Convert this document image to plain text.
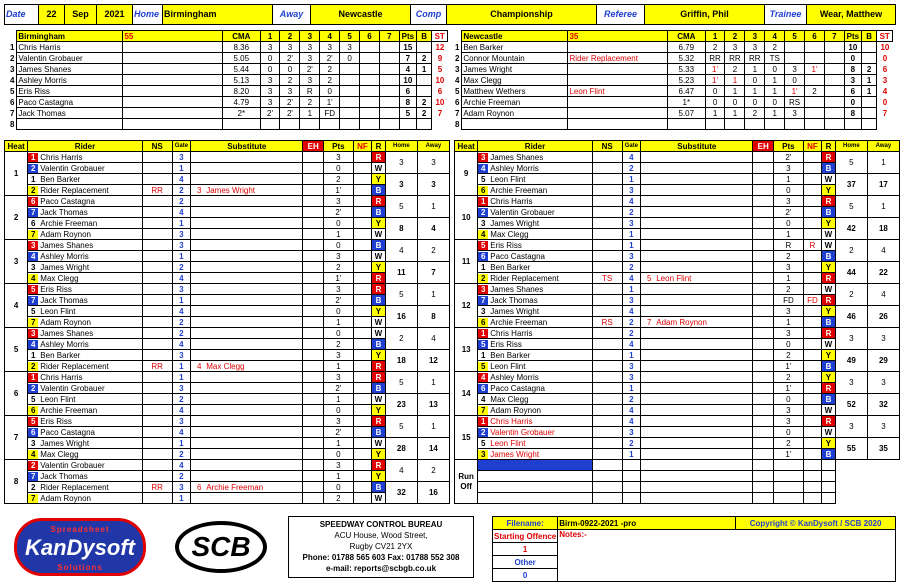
Date	22	Sep	2021	Home	Birmingham	Away	Newcastle	Comp	Championship	Referee	Griffin, Phil	Trainee	Wear, Matthew
	Birmingham	55	CMA	1	2	3	4	5	6	7	Pts	B	ST
1	Chris Harris		8.36	3	3	3	3	3			15		12
2	Valentin Grobauer		5.05	0	2'	3	2'	0			7	2	9
3	James Shanes		5.44	0	0	2'	2				4	1	5
4	Ashley Morris		5.13	3	2	3	2				10		10
5	Eris Riss		8.20	3	3	R	0				6		6
6	Paco Castagna		4.79	3	2'	2	1'				8	2	10
7	Jack Thomas		2*	2'	2'	1	FD				5	2	7
8													
	Newcastle	35	CMA	1	2	3	4	5	6	7	Pts	B	ST
1	Ben Barker		6.79	2	3	3	2				10		10
2	Connor Mountain	Rider Replacement	5.32	RR	RR	RR	TS				0		0
3	James Wright		5.33	1'	2	1	0	3	1'		8	2	6
4	Max Clegg		5.23	1'	1	0	1	0			3	1	3
5	Matthew Wethers	Leon Flint	6.47	0	1	1	1	1'	2		6	1	4
6	Archie Freeman		1*	0	0	0	0	RS			0		0
7	Adam Roynon		5.07	1	1	2	1	3			8		7
8													
Heat	Rider	NS	Gate	Substitute	EH	Pts	NF	R	Home	Away
1	1 Chris Harris		3			3		R	3	3
	2 Valentin Grobauer		1			0		W		
	1 Ben Barker		4			2		Y	3	3
	2 Rider Replacement	RR	2	3 James Wright		1'		B		
2	6 Paco Castagna		2			3		R	5	1
	7 Jack Thomas		4			2'		B		
	6 Archie Freeman		1			0		Y	8	4
	7 Adam Roynon		3			1		W		
3	3 James Shanes		3			0		B	4	2
	4 Ashley Morris		1			3		W		
	3 James Wright		2			2		Y	11	7
	4 Max Clegg		4			1'		R		
4	5 Eris Riss		3			3		R	5	1
	7 Jack Thomas		1			2'		B		
	5 Leon Flint		4			0		Y	16	8
	7 Adam Roynon		2			1		W		
5	3 James Shanes		2			0		W	2	4
	4 Ashley Morris		4			2		B		
	1 Ben Barker		3			3		Y	18	12
	2 Rider Replacement	RR	1	4 Max Clegg		1		R		
6	1 Chris Harris		1			3		R	5	1
	2 Valentin Grobauer		3			2'		B		
	5 Leon Flint		2			1		W	23	13
	6 Archie Freeman		4			0		Y		
7	5 Eris Riss		3			3		R	5	1
	6 Paco Castagna		4			2'		B		
	3 James Wright		1			1		W	28	14
	4 Max Clegg		2			0		Y		
8	2 Valentin Grobauer		4			3		R	4	2
	7 Jack Thomas		2			1		Y		
	2 Rider Replacement	RR	3	6 Archie Freeman		0		B	32	16
	7 Adam Roynon		1			2		W		
Heat	Rider	NS	Gate	Substitute	EH	Pts	NF	R	Home	Away
9	3 James Shanes		4			2'		R	5	1
	4 Ashley Morris		2			3		B		
	5 Leon Flint		1			1		W	37	17
	6 Archie Freeman		3			0		Y		
10	1 Chris Harris		4			3		R	5	1
	2 Valentin Grobauer		2			2'		B		
	3 James Wright		3			0		Y	42	18
	4 Max Clegg		1			1		W		
11	5 Eris Riss		1			R	R	W	2	4
	6 Paco Castagna		3			2		B		
	1 Ben Barker		2			3		Y	44	22
	2 Rider Replacement	TS	4	5 Leon Flint		1		R		
12	3 James Shanes		1			2		W	2	4
	7 Jack Thomas		3			FD	FD	R		
	3 James Wright		4			3		Y	46	26
	6 Archie Freeman	RS	2	7 Adam Roynon		1		B		
13	1 Chris Harris		2			3		R	3	3
	5 Eris Riss		4			0		W		
	1 Ben Barker		1			2		Y	49	29
	5 Leon Flint		3			1'		B		
14	4 Ashley Morris		3			2		Y	3	3
	6 Paco Castagna		1			1'		R		
	4 Max Clegg		2			0		B	52	32
	7 Adam Roynon		4			3		W		
15	1 Chris Harris		4			3		R	3	3
	2 Valentin Grobauer		3			0		W		
	5 Leon Flint		2			2		Y	55	35
	3 James Wright		1			1'		B		
Run Off										

Spreadsheet
KanDysoft
Solutions
SCB
SPEEDWAY CONTROL BUREAU
ACU House, Wood Street,
Rugby CV21 2YX
Phone: 01788 565 603 Fax: 01788 552 308
e-mail: reports@scbgb.co.uk
Filename:	Birm-0922-2021 -pro	Copyright © KanDysoft / SCB 2020
Starting Offence	Notes:-	
1		
Other		
0		
